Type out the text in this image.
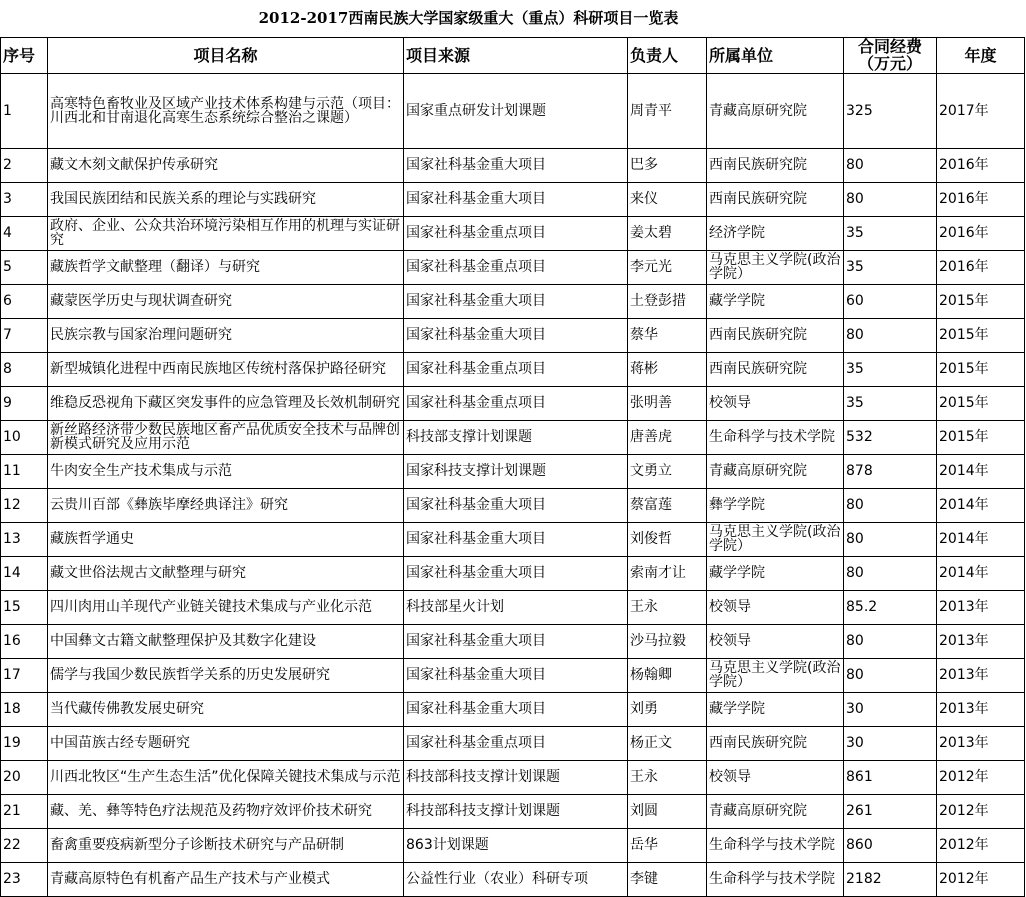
2012-2017西南民族大学国家级重大（重点）科研项目一览表						
序号	项目名称	项目来源	负责人	所属单位	合同经费（万元）	年度
1	高寒特色畜牧业及区域产业技术体系构建与示范（项目：川西北和甘南退化高寒生态系统综合整治之课题）	国家重点研发计划课题	周青平	青藏高原研究院	325	2017年
2	藏文木刻文献保护传承研究	国家社科基金重大项目	巴多	西南民族研究院	80	2016年
3	我国民族团结和民族关系的理论与实践研究	国家社科基金重大项目	来仪	西南民族研究院	80	2016年
4	政府、企业、公众共治环境污染相互作用的机理与实证研究	国家社科基金重点项目	姜太碧	经济学院	35	2016年
5	藏族哲学文献整理（翻译）与研究	国家社科基金重点项目	李元光	马克思主义学院(政治学院）	35	2016年
6	藏蒙医学历史与现状调查研究	国家社科基金重大项目	土登彭措	藏学学院	60	2015年
7	民族宗教与国家治理问题研究	国家社科基金重大项目	蔡华	西南民族研究院	80	2015年
8	新型城镇化进程中西南民族地区传统村落保护路径研究	国家社科基金重点项目	蒋彬	西南民族研究院	35	2015年
9	维稳反恐视角下藏区突发事件的应急管理及长效机制研究	国家社科基金重点项目	张明善	校领导	35	2015年
10	新丝路经济带少数民族地区畜产品优质安全技术与品牌创新模式研究及应用示范	科技部支撑计划课题	唐善虎	生命科学与技术学院	532	2015年
11	牛肉安全生产技术集成与示范	国家科技支撑计划课题	文勇立	青藏高原研究院	878	2014年
12	云贵川百部《彝族毕摩经典译注》研究	国家社科基金重大项目	蔡富莲	彝学学院	80	2014年
13	藏族哲学通史	国家社科基金重大项目	刘俊哲	马克思主义学院(政治学院）	80	2014年
14	藏文世俗法规古文献整理与研究	国家社科基金重大项目	索南才让	藏学学院	80	2014年
15	四川肉用山羊现代产业链关键技术集成与产业化示范	科技部星火计划	王永	校领导	85.2	2013年
16	中国彝文古籍文献整理保护及其数字化建设	国家社科基金重大项目	沙马拉毅	校领导	80	2013年
17	儒学与我国少数民族哲学关系的历史发展研究	国家社科基金重大项目	杨翰卿	马克思主义学院(政治学院）	80	2013年
18	当代藏传佛教发展史研究	国家社科基金重大项目	刘勇	藏学学院	30	2013年
19	中国苗族古经专题研究	国家社科基金重点项目	杨正文	西南民族研究院	30	2013年
20	川西北牧区“生产生态生活”优化保障关键技术集成与示范	科技部科技支撑计划课题	王永	校领导	861	2012年
21	藏、羌、彝等特色疗法规范及药物疗效评价技术研究	科技部科技支撑计划课题	刘圆	青藏高原研究院	261	2012年
22	畜禽重要疫病新型分子诊断技术研究与产品研制	863计划课题	岳华	生命科学与技术学院	860	2012年
23	青藏高原特色有机畜产品生产技术与产业模式	公益性行业（农业）科研专项	李键	生命科学与技术学院	2182	2012年
